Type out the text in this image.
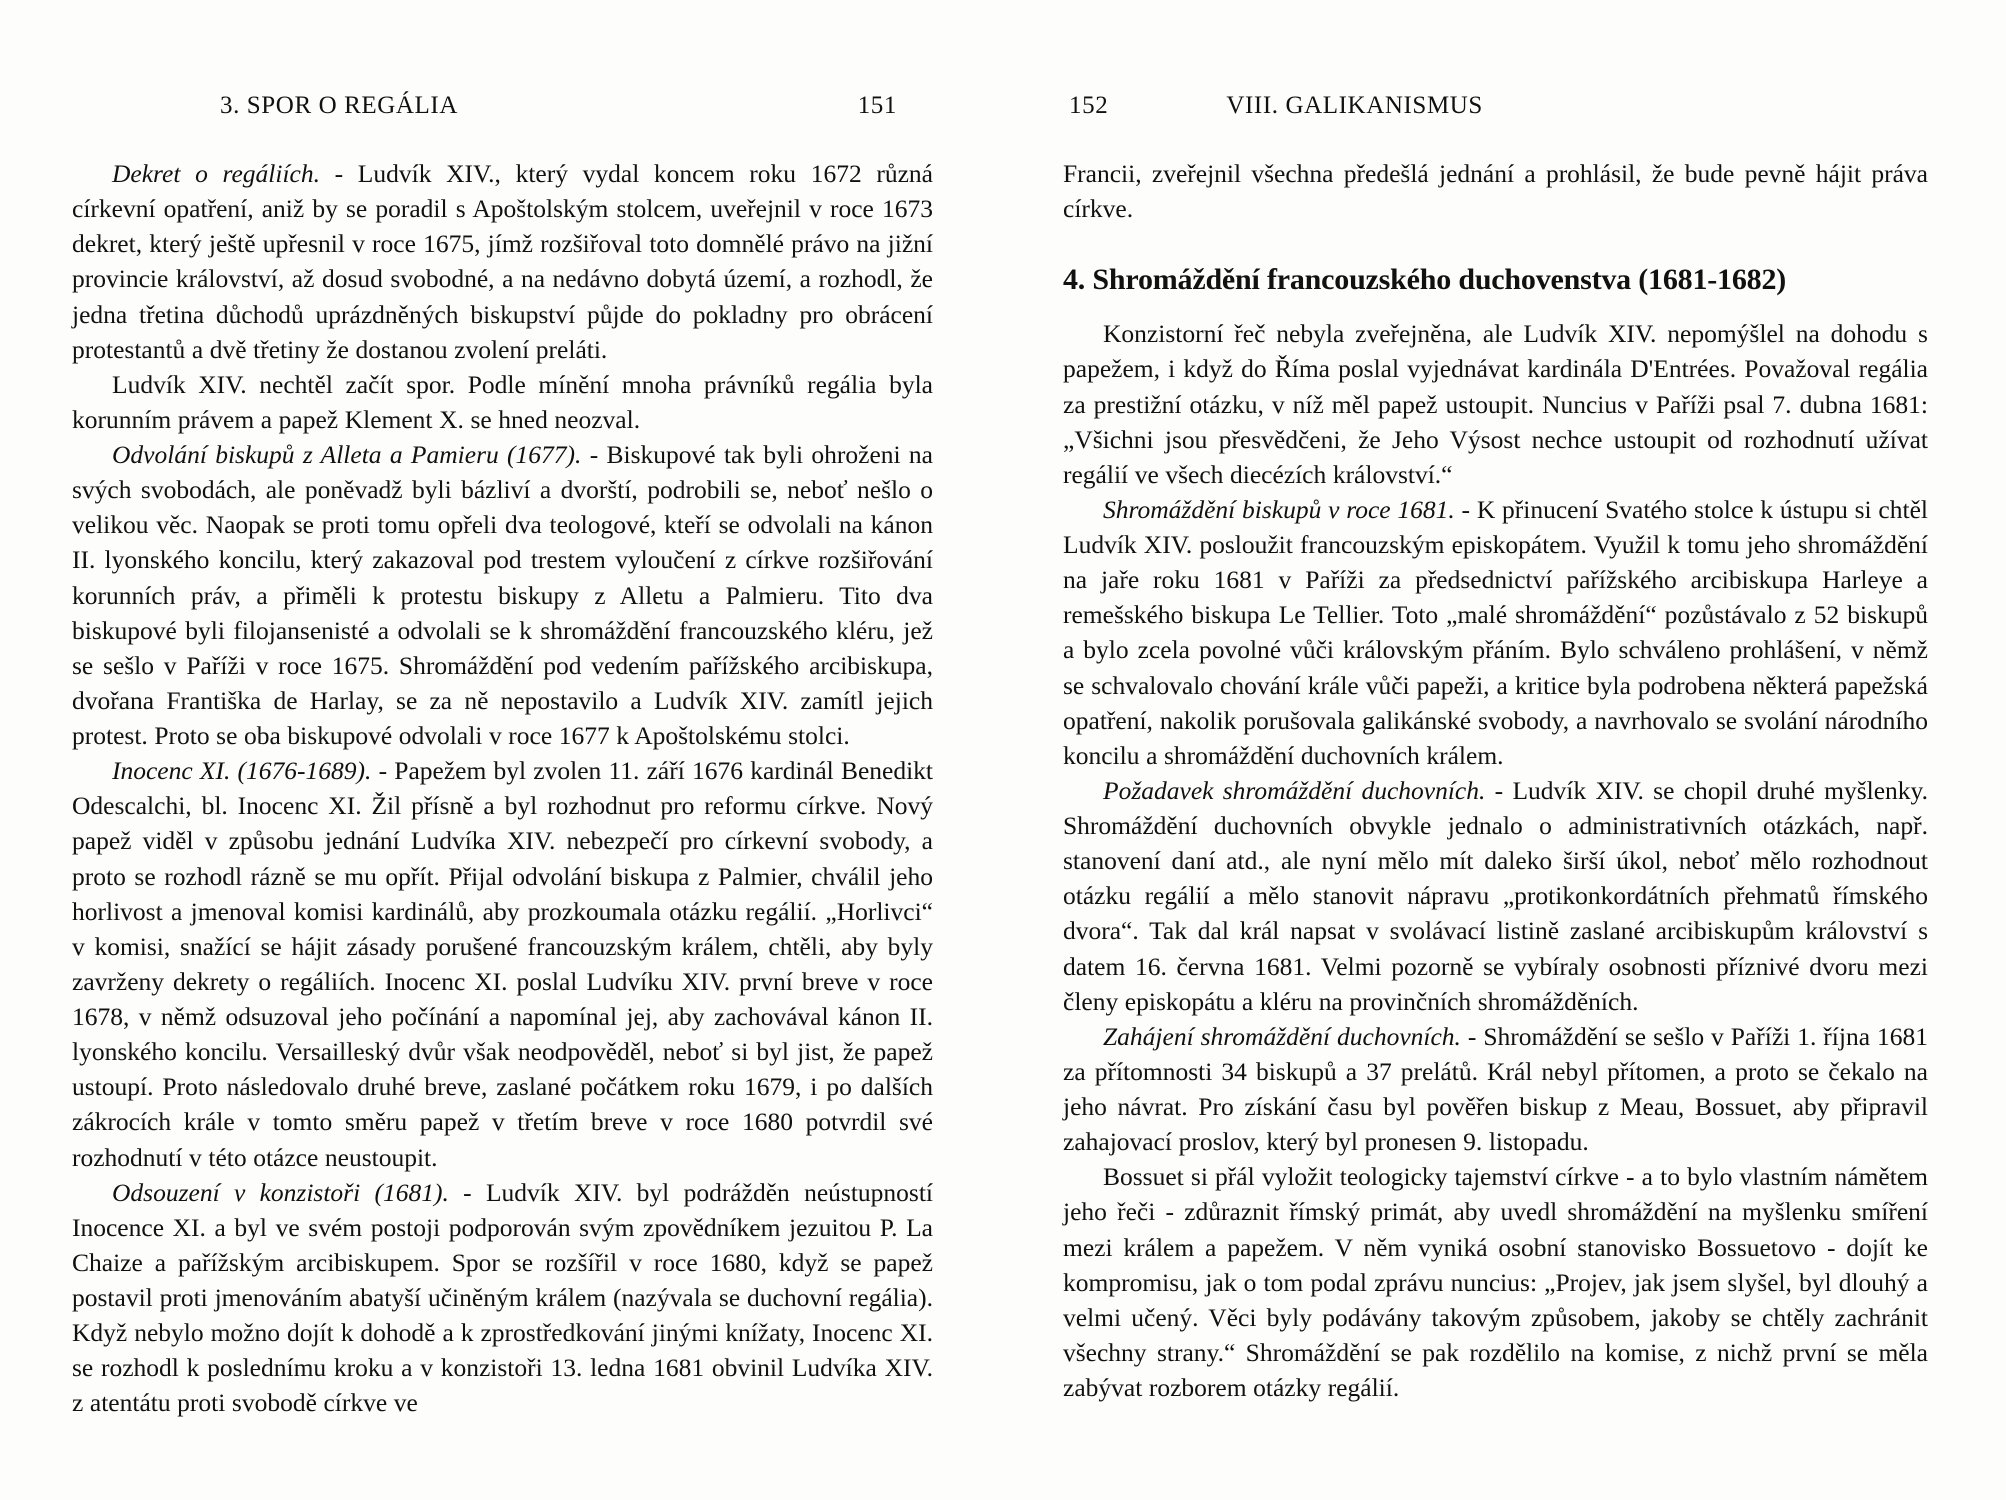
3. SPOR O REGÁLIA	151

Dekret o regáliích. - Ludvík XIV., který vydal koncem roku 1672 různá církevní opatření, aniž by se poradil s Apoštolským stolcem, uveřejnil v roce 1673 dekret, který ještě upřesnil v roce 1675, jímž rozšiřoval toto domnělé právo na jižní provincie království, až dosud svobodné, a na nedávno dobytá území, a rozhodl, že jedna třetina důchodů uprázdněných biskupství půjde do pokladny pro obrácení protestantů a dvě třetiny že dostanou zvolení preláti.

Ludvík XIV. nechtěl začít spor. Podle mínění mnoha právníků regália byla korunním právem a papež Klement X. se hned neozval.

Odvolání biskupů z Alleta a Pamieru (1677). - Biskupové tak byli ohroženi na svých svobodách, ale poněvadž byli bázliví a dvorští, podrobili se, neboť nešlo o velikou věc. Naopak se proti tomu opřeli dva teologové, kteří se odvolali na kánon II. lyonského koncilu, který zakazoval pod trestem vyloučení z církve rozšiřování korunních práv, a přiměli k protestu biskupy z Alletu a Palmieru. Tito dva biskupové byli filojansenisté a odvolali se k shromáždění francouzského kléru, jež se sešlo v Paříži v roce 1675. Shromáždění pod vedením pařížského arcibiskupa, dvořana Františka de Harlay, se za ně nepostavilo a Ludvík XIV. zamítl jejich protest. Proto se oba biskupové odvolali v roce 1677 k Apoštolskému stolci.

Inocenc XI. (1676-1689). - Papežem byl zvolen 11. září 1676 kardinál Benedikt Odescalchi, bl. Inocenc XI. Žil přísně a byl rozhodnut pro reformu církve. Nový papež viděl v způsobu jednání Ludvíka XIV. nebezpečí pro církevní svobody, a proto se rozhodl rázně se mu opřít. Přijal odvolání biskupa z Palmier, chválil jeho horlivost a jmenoval komisi kardinálů, aby prozkoumala otázku regálií. „Horlivci“ v komisi, snažící se hájit zásady porušené francouzským králem, chtěli, aby byly zavrženy dekrety o regáliích. Inocenc XI. poslal Ludvíku XIV. první breve v roce 1678, v němž odsuzoval jeho počínání a napomínal jej, aby zachovával kánon II. lyonského koncilu. Versailleský dvůr však neodpověděl, neboť si byl jist, že papež ustoupí. Proto následovalo druhé breve, zaslané počátkem roku 1679, i po dalších zákrocích krále v tomto směru papež v třetím breve v roce 1680 potvrdil své rozhodnutí v této otázce neustoupit.

Odsouzení v konzistoři (1681). - Ludvík XIV. byl podrážděn neústupností Inocence XI. a byl ve svém postoji podporován svým zpovědníkem jezuitou P. La Chaize a pařížským arcibiskupem. Spor se rozšířil v roce 1680, když se papež postavil proti jmenováním abatyší učiněným králem (nazývala se duchovní regália). Když nebylo možno dojít k dohodě a k zprostředkování jinými knížaty, Inocenc XI. se rozhodl k poslednímu kroku a v konzistoři 13. ledna 1681 obvinil Ludvíka XIV. z atentátu proti svobodě církve ve

152	VIII. GALIKANISMUS

Francii, zveřejnil všechna předešlá jednání a prohlásil, že bude pevně hájit práva církve.

4. Shromáždění francouzského duchovenstva (1681-1682)

Konzistorní řeč nebyla zveřejněna, ale Ludvík XIV. nepomýšlel na dohodu s papežem, i když do Říma poslal vyjednávat kardinála D'Entrées. Považoval regália za prestižní otázku, v níž měl papež ustoupit. Nuncius v Paříži psal 7. dubna 1681: „Všichni jsou přesvědčeni, že Jeho Výsost nechce ustoupit od rozhodnutí užívat regálií ve všech diecézích království.“

Shromáždění biskupů v roce 1681. - K přinucení Svatého stolce k ústupu si chtěl Ludvík XIV. posloužit francouzským episkopátem. Využil k tomu jeho shromáždění na jaře roku 1681 v Paříži za předsednictví pařížského arcibiskupa Harleye a remešského biskupa Le Tellier. Toto „malé shromáždění“ pozůstávalo z 52 biskupů a bylo zcela povolné vůči královským přáním. Bylo schváleno prohlášení, v němž se schvalovalo chování krále vůči papeži, a kritice byla podrobena některá papežská opatření, nakolik porušovala galikánské svobody, a navrhovalo se svolání národního koncilu a shromáždění duchovních králem.

Požadavek shromáždění duchovních. - Ludvík XIV. se chopil druhé myšlenky. Shromáždění duchovních obvykle jednalo o administrativních otázkách, např. stanovení daní atd., ale nyní mělo mít daleko širší úkol, neboť mělo rozhodnout otázku regálií a mělo stanovit nápravu „protikonkordátních přehmatů římského dvora“. Tak dal král napsat v svolávací listině zaslané arcibiskupům království s datem 16. června 1681. Velmi pozorně se vybíraly osobnosti příznivé dvoru mezi členy episkopátu a kléru na provinčních shromážděních.

Zahájení shromáždění duchovních. - Shromáždění se sešlo v Paříži 1. října 1681 za přítomnosti 34 biskupů a 37 prelátů. Král nebyl přítomen, a proto se čekalo na jeho návrat. Pro získání času byl pověřen biskup z Meau, Bossuet, aby připravil zahajovací proslov, který byl pronesen 9. listopadu.

Bossuet si přál vyložit teologicky tajemství církve - a to bylo vlastním námětem jeho řeči - zdůraznit římský primát, aby uvedl shromáždění na myšlenku smíření mezi králem a papežem. V něm vyniká osobní stanovisko Bossuetovo - dojít ke kompromisu, jak o tom podal zprávu nuncius: „Projev, jak jsem slyšel, byl dlouhý a velmi učený. Věci byly podávány takovým způsobem, jakoby se chtěly zachránit všechny strany.“ Shromáždění se pak rozdělilo na komise, z nichž první se měla zabývat rozborem otázky regálií.
